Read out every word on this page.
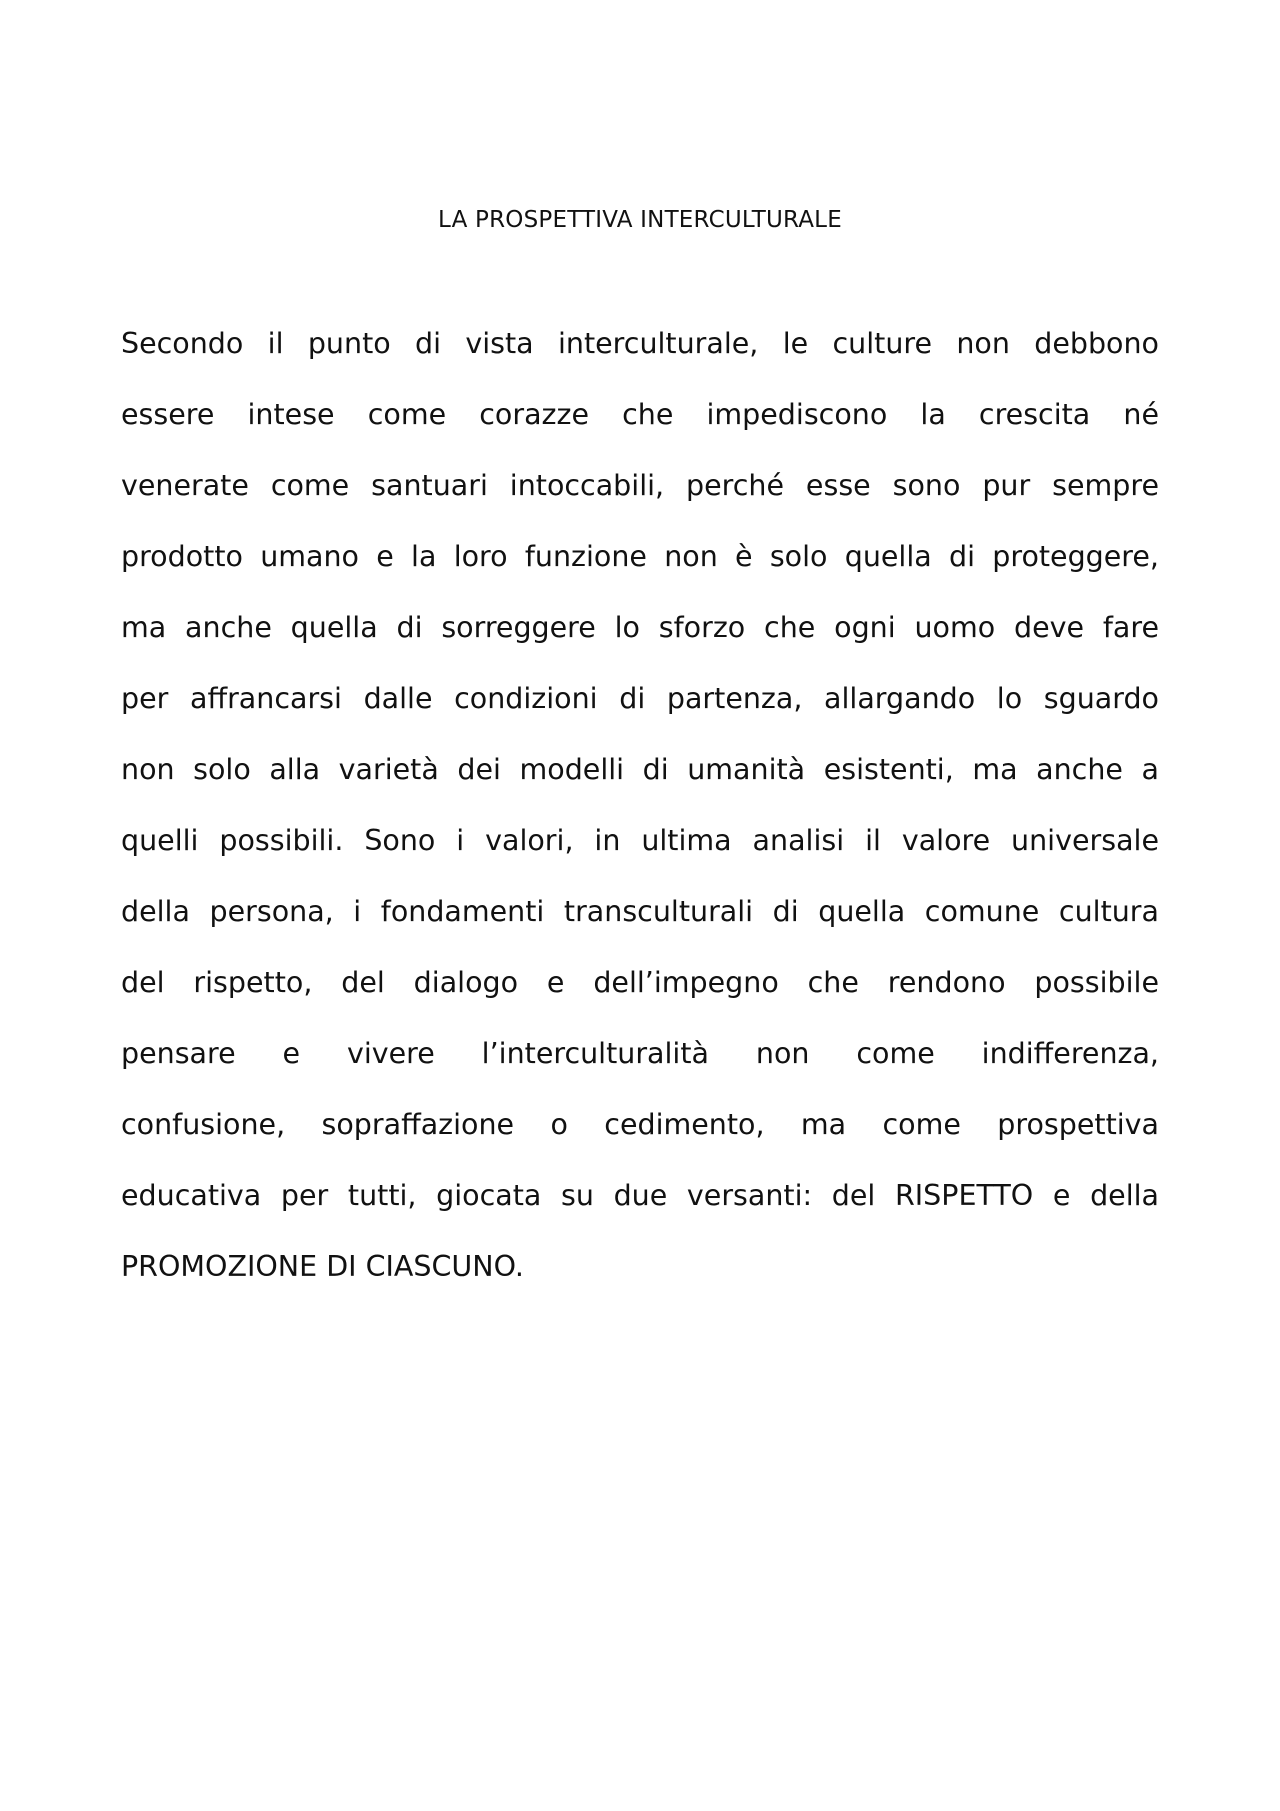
LA PROSPETTIVA INTERCULTURALE
Secondo il punto di vista interculturale, le culture non debbono
essere intese come corazze che impediscono la crescita né
venerate come santuari intoccabili, perché esse sono pur sempre
prodotto umano e la loro funzione non è solo quella di proteggere,
ma anche quella di sorreggere lo sforzo che ogni uomo deve fare
per affrancarsi dalle condizioni di partenza, allargando lo sguardo
non solo alla varietà dei modelli di umanità esistenti, ma anche a
quelli possibili. Sono i valori, in ultima analisi il valore universale
della persona, i fondamenti transculturali di quella comune cultura
del rispetto, del dialogo e dell’impegno che rendono possibile
pensare e vivere l’interculturalità non come indifferenza,
confusione, sopraffazione o cedimento, ma come prospettiva
educativa per tutti, giocata su due versanti: del RISPETTO e della
PROMOZIONE DI CIASCUNO.
